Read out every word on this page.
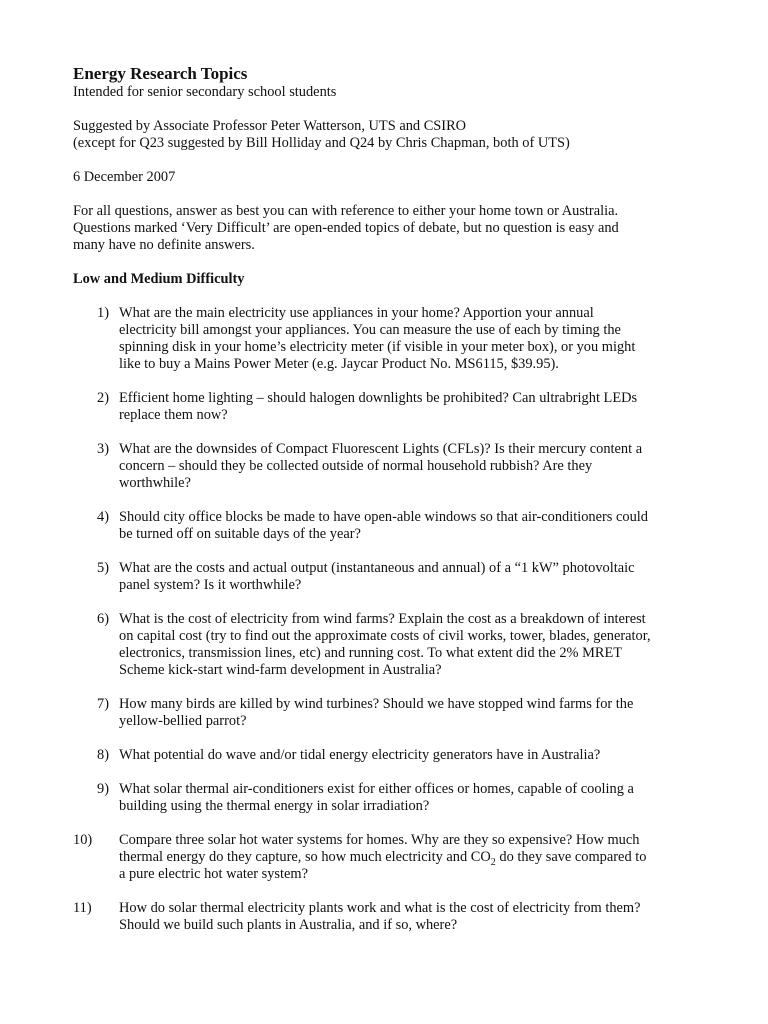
Energy Research Topics

Intended for senior secondary school students

Suggested by Associate Professor Peter Watterson, UTS and CSIRO

(except for Q23 suggested by Bill Holliday and Q24 by Chris Chapman, both of UTS)

6 December 2007

For all questions, answer as best you can with reference to either your home town or Australia.

Questions marked ‘Very Difficult’ are open-ended topics of debate, but no question is easy and

many have no definite answers.

Low and Medium Difficulty

1) What are the main electricity use appliances in your home? Apportion your annual
electricity bill amongst your appliances. You can measure the use of each by timing the
spinning disk in your home’s electricity meter (if visible in your meter box), or you might
like to buy a Mains Power Meter (e.g. Jaycar Product No. MS6115, $39.95).
2) Efficient home lighting – should halogen downlights be prohibited? Can ultrabright LEDs
replace them now?
3) What are the downsides of Compact Fluorescent Lights (CFLs)? Is their mercury content a
concern – should they be collected outside of normal household rubbish? Are they
worthwhile?
4) Should city office blocks be made to have open-able windows so that air-conditioners could
be turned off on suitable days of the year?
5) What are the costs and actual output (instantaneous and annual) of a “1 kW” photovoltaic
panel system? Is it worthwhile?
6) What is the cost of electricity from wind farms? Explain the cost as a breakdown of interest
on capital cost (try to find out the approximate costs of civil works, tower, blades, generator,
electronics, transmission lines, etc) and running cost. To what extent did the 2% MRET
Scheme kick-start wind-farm development in Australia?
7) How many birds are killed by wind turbines? Should we have stopped wind farms for the
yellow-bellied parrot?
8) What potential do wave and/or tidal energy electricity generators have in Australia?
9) What solar thermal air-conditioners exist for either offices or homes, capable of cooling a
building using the thermal energy in solar irradiation?
10) Compare three solar hot water systems for homes. Why are they so expensive? How much
thermal energy do they capture, so how much electricity and $CO_2$ do they save compared to
a pure electric hot water system?
11) How do solar thermal electricity plants work and what is the cost of electricity from them?
Should we build such plants in Australia, and if so, where?
